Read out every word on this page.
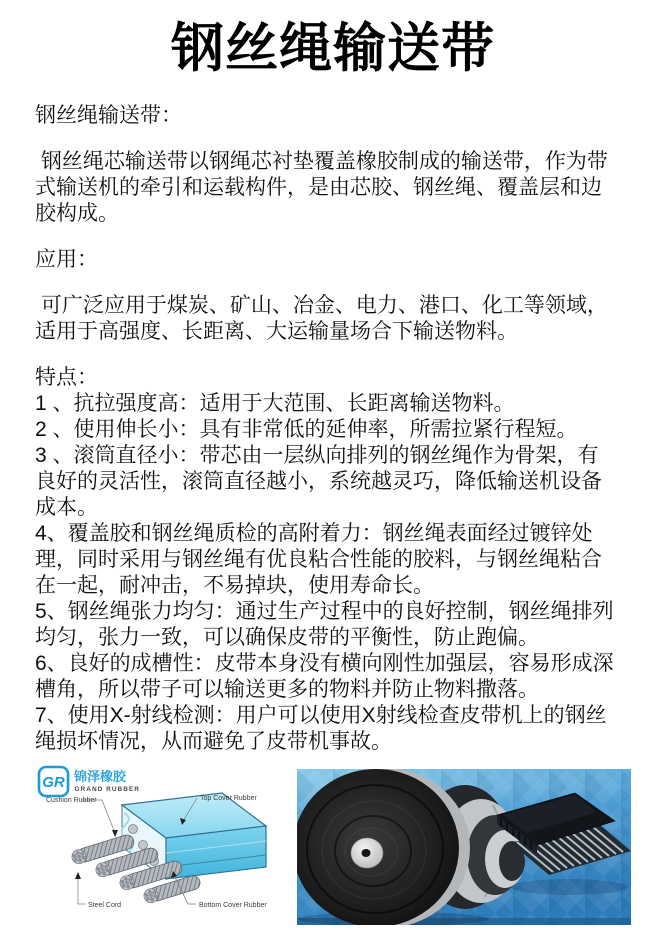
钢丝绳输送带

钢丝绳输送带：

钢丝绳芯输送带以钢绳芯衬垫覆盖橡胶制成的输送带，作为带式输送机的牵引和运载构件，是由芯胶、钢丝绳、覆盖层和边胶构成。

应用：

可广泛应用于煤炭、矿山、冶金、电力、港口、化工等领域，适用于高强度、长距离、大运输量场合下输送物料。

特点：

1 、抗拉强度高：适用于大范围、长距离输送物料。

2 、使用伸长小：具有非常低的延伸率，所需拉紧行程短。

3 、滚筒直径小：带芯由一层纵向排列的钢丝绳作为骨架，有良好的灵活性，滚筒直径越小，系统越灵巧，降低输送机设备成本。

4、覆盖胶和钢丝绳质检的高附着力：钢丝绳表面经过镀锌处理，同时采用与钢丝绳有优良粘合性能的胶料，与钢丝绳粘合在一起，耐冲击，不易掉块，使用寿命长。

5、钢丝绳张力均匀：通过生产过程中的良好控制，钢丝绳排列均匀，张力一致，可以确保皮带的平衡性，防止跑偏。

6、良好的成槽性：皮带本身没有横向刚性加强层，容易形成深槽角，所以带子可以输送更多的物料并防止物料撒落。

7、使用X-射线检测：用户可以使用X射线检查皮带机上的钢丝绳损坏情况，从而避免了皮带机事故。

GR 锦泽橡胶
GRAND RUBBER
Cushion Rubber	Top Cover Rubber
Steel Cord	Bottom Cover Rubber
